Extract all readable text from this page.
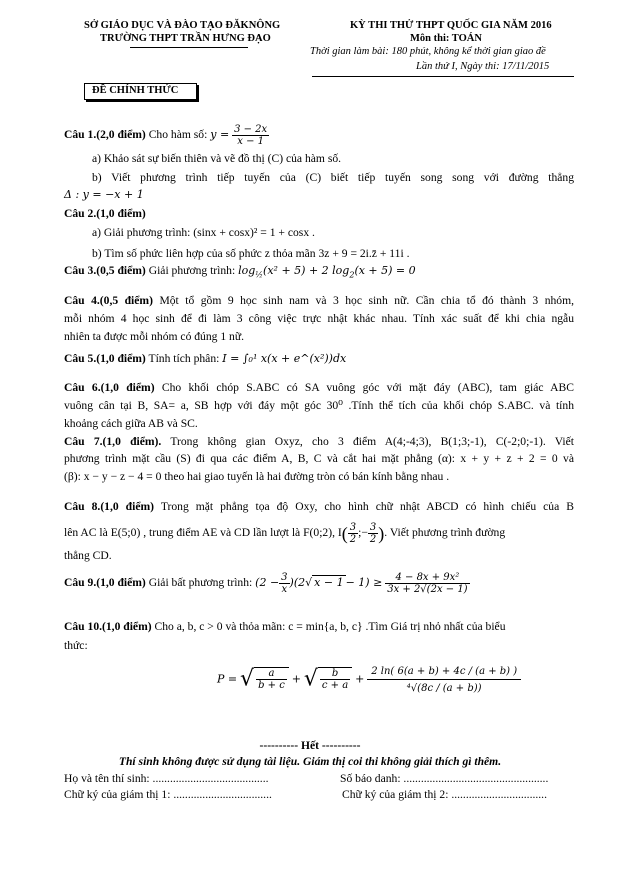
SỞ GIÁO DỤC VÀ ĐÀO TẠO ĐĂKNÔNG
TRƯỜNG THPT TRẦN HƯNG ĐẠO
KỲ THI THỬ THPT QUỐC GIA NĂM 2016
Môn thi: TOÁN
Thời gian làm bài: 180 phút, không kể thời gian giao đề
Lần thứ I, Ngày thi: 17/11/2015
ĐỀ CHÍNH THỨC
Câu 1.(2,0 điểm) Cho hàm số: $y = \frac{3 - 2x}{x - 1}$
a) Khảo sát sự biến thiên và vẽ đồ thị (C) của hàm số.
b) Viết phương trình tiếp tuyến của (C) biết tiếp tuyến song song với đường thẳng
Δ : y = −x + 1
Câu 2.(1,0 điểm)
a) Giải phương trình: (sinx + cosx)² = 1 + cosx .
b) Tìm số phức liên hợp của số phức z thỏa mãn 3z + 9 = 2i.z̄ + 11i .
Câu 3.(0,5 điểm) Giải phương trình: $\log_{\frac{1}{2}}(x^2 + 5) + 2$ $\log_2(x + 5) = 0$
Câu 4.(0,5 điểm) Một tổ gồm 9 học sinh nam và 3 học sinh nữ. Cần chia tổ đó thành 3 nhóm,
mỗi nhóm 4 học sinh để đi làm 3 công việc trực nhật khác nhau. Tính xác suất để khi chia ngẫu
nhiên ta được mỗi nhóm có đúng 1 nữ.
Câu 5.(1,0 điểm) Tính tích phân: I = ∫₀¹ x(x + e^(x²))dx
Câu 6.(1,0 điểm) Cho khối chóp S.ABC có SA vuông góc với mặt đáy (ABC), tam giác ABC
vuông cân tại B, SA= a, SB hợp với đáy một góc 30⁰ .Tính thể tích của khối chóp S.ABC. và tính
khoảng cách giữa AB và SC.
Câu 7.(1,0 điểm). Trong không gian Oxyz, cho 3 điểm A(4;-4;3), B(1;3;-1), C(-2;0;-1). Viết
phương trình mặt cầu (S) đi qua các điểm A, B, C và cắt hai mặt phẳng (α): x + y + z + 2 = 0 và
(β): x − y − z − 4 = 0 theo hai giao tuyến là hai đường tròn có bán kính bằng nhau .
Câu 8.(1,0 điểm) Trong mặt phẳng tọa độ Oxy, cho hình chữ nhật ABCD có hình chiếu của B
lên AC là E(5;0) , trung điểm AE và CD lần lượt là F(0;2), $I( \frac{3}{2}$ ;− $\frac{3}{2}$ ). Viết phương trình đường
thẳng CD.
Câu 9.(1,0 điểm) Giải bất phương trình: $(2 - \frac{3}{x} )(2√$ $x - 1 - 1) \ge \frac{\text{4 − 8x + 9x²}}{3x + 2√(2x - 1)}$
Câu 10.(1,0 điểm) Cho a, b, c > 0 và thỏa mãn: c = min{a, b, c} .Tìm Giá trị nhỏ nhất của biểu
thức:
P = √ $\frac{a}{b + c}$ + √ $\frac{b}{c + a} + \frac{2 \ln( 6(a + b) + 4c / (a + b) )}{\text{⁴√(8c / (a + b))}}$
---------- Hết ----------
Thí sinh không được sử dụng tài liệu. Giám thị coi thi không giải thích gì thêm.
Họ và tên thí sinh: ........................................	Số báo danh: ..................................................
Chữ ký của giám thị 1: ..................................	Chữ ký của giám thị 2: .................................
